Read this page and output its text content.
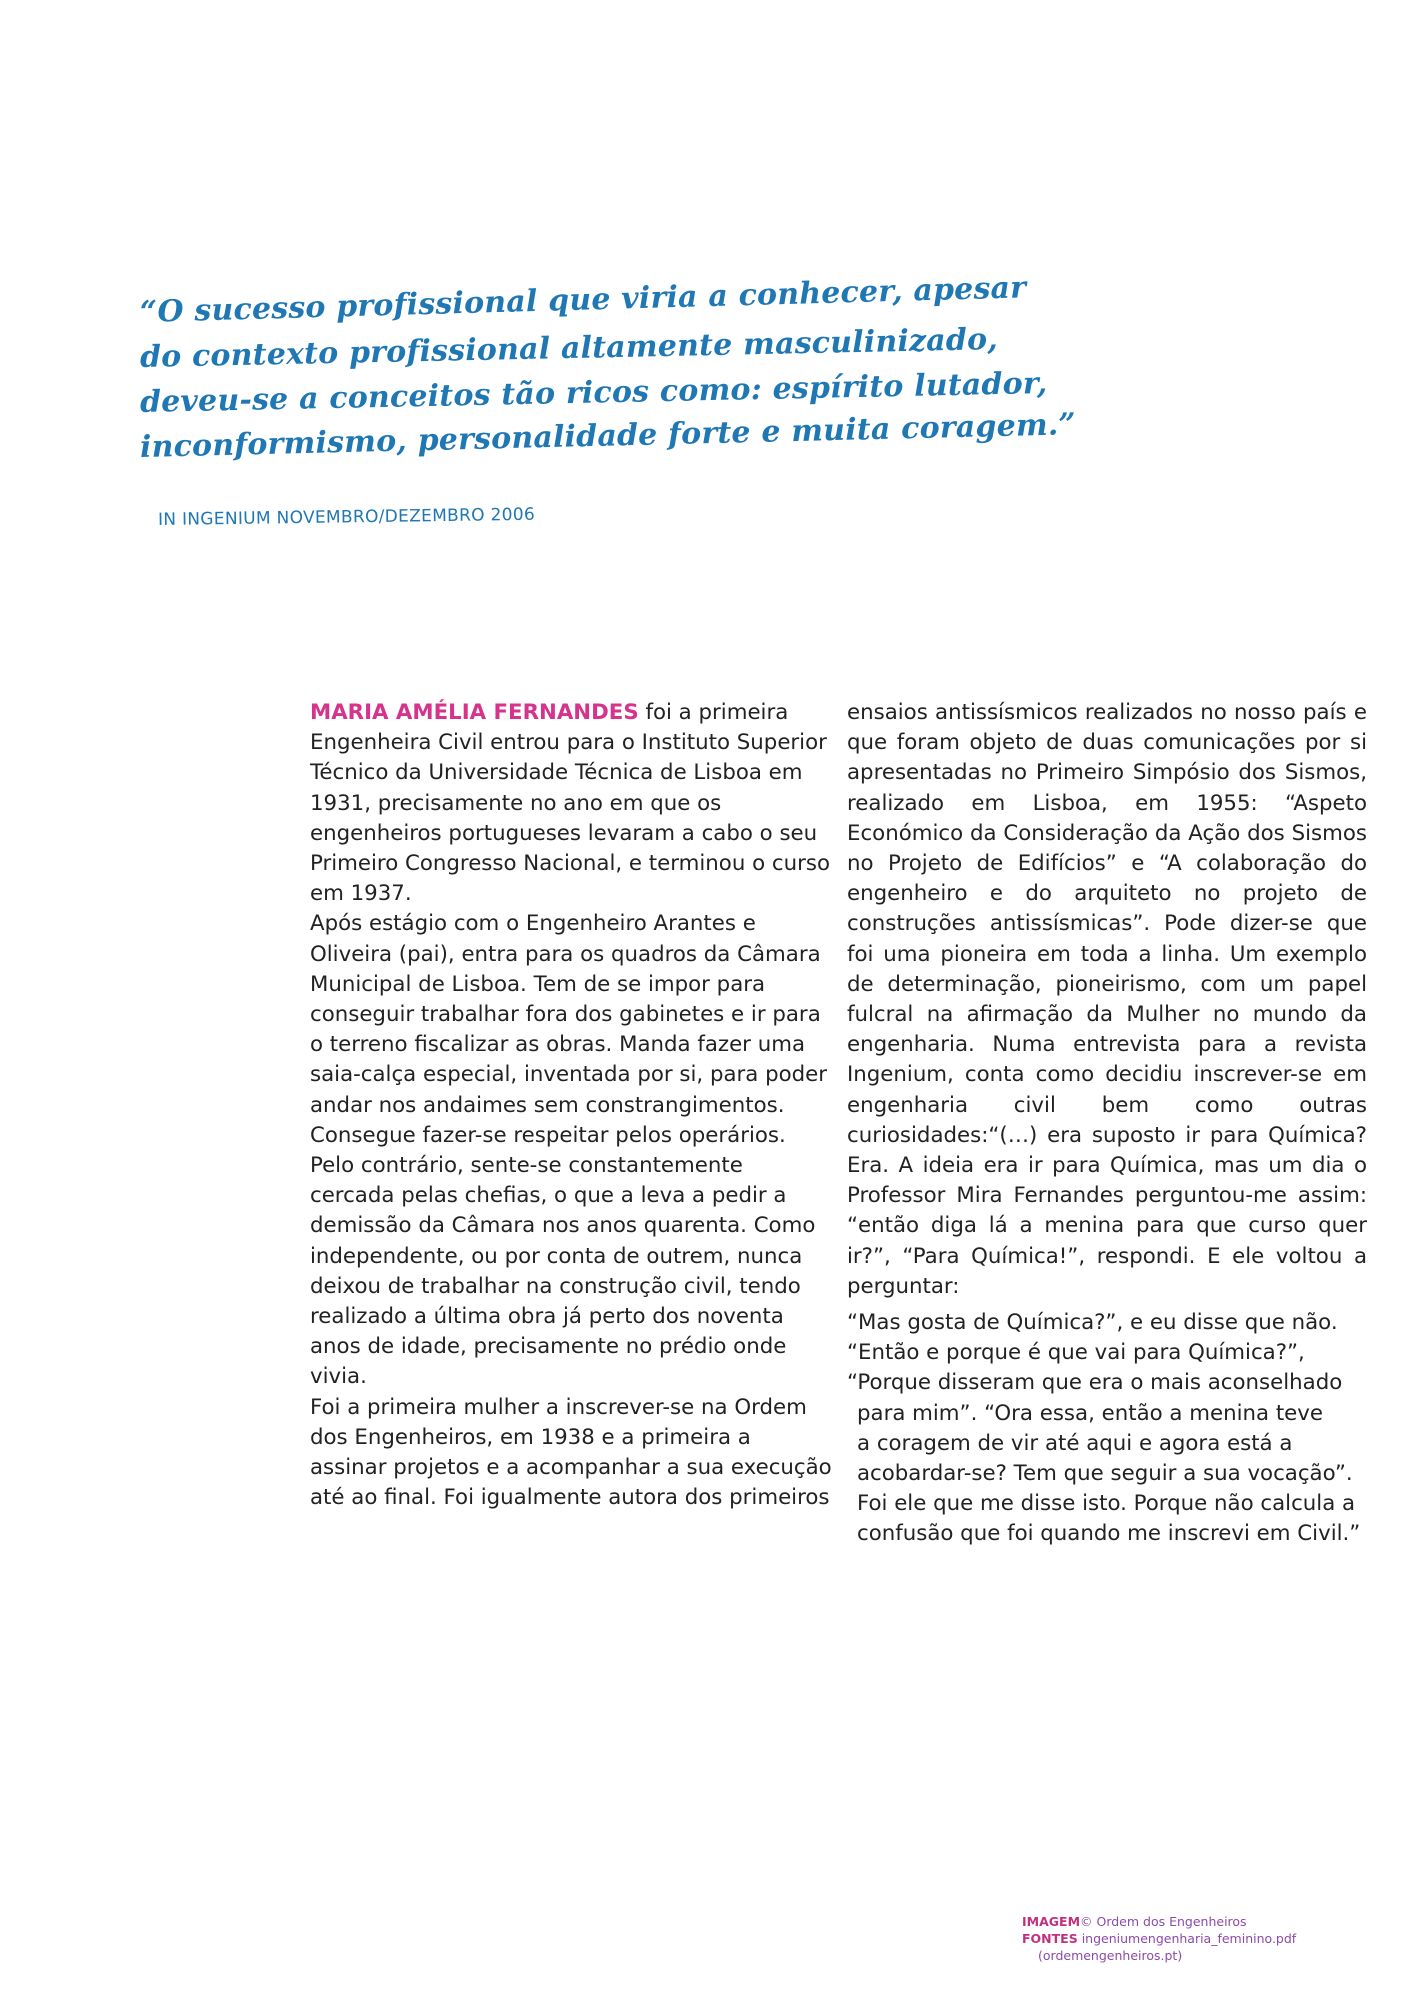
“O sucesso profissional que viria a conhecer, apesar
do contexto profissional altamente masculinizado,
deveu-se a conceitos tão ricos como: espírito lutador,
inconformismo, personalidade forte e muita coragem.”
IN INGENIUM NOVEMBRO/DEZEMBRO 2006

MARIA AMÉLIA FERNANDES foi a primeira Engenheira Civil entrou para o Instituto Superior Técnico da Universidade Técnica de Lisboa em 1931, precisamente no ano em que os engenheiros portugueses levaram a cabo o seu Primeiro Congresso Nacional, e terminou o curso em 1937.

Após estágio com o Engenheiro Arantes e Oliveira (pai), entra para os quadros da Câmara Municipal de Lisboa. Tem de se impor para conseguir trabalhar fora dos gabinetes e ir para o terreno fiscalizar as obras. Manda fazer uma saia-calça especial, inventada por si, para poder andar nos andaimes sem constrangimentos. Consegue fazer-se respeitar pelos operários. Pelo contrário, sente-se constantemente cercada pelas chefias, o que a leva a pedir a demissão da Câmara nos anos quarenta. Como independente, ou por conta de outrem, nunca deixou de trabalhar na construção civil, tendo realizado a última obra já perto dos noventa anos de idade, precisamente no prédio onde vivia.

Foi a primeira mulher a inscrever-se na Ordem dos Engenheiros, em 1938 e a primeira a assinar projetos e a acompanhar a sua execução até ao final. Foi igualmente autora dos primeiros

ensaios antissísmicos realizados no nosso país e que foram objeto de duas comunicações por si apresentadas no Primeiro Simpósio dos Sismos, realizado em Lisboa, em 1955: “Aspeto Económico da Consideração da Ação dos Sismos no Projeto de Edifícios” e “A colaboração do engenheiro e do arquiteto no projeto de construções antissísmicas”. Pode dizer-se que foi uma pioneira em toda a linha. Um exemplo de determinação, pioneirismo, com um papel fulcral na afirmação da Mulher no mundo da engenharia. Numa entrevista para a revista Ingenium, conta como decidiu inscrever-se em engenharia civil bem como outras curiosidades:“(…) era suposto ir para Química? Era. A ideia era ir para Química, mas um dia o Professor Mira Fernandes perguntou-me assim: “então diga lá a menina para que curso quer ir?”, “Para Química!”, respondi. E ele voltou a perguntar:

“Mas gosta de Química?”, e eu disse que não.

“Então e porque é que vai para Química?”,

“Porque disseram que era o mais aconselhado

para mim”. “Ora essa, então a menina teve

a coragem de vir até aqui e agora está a

acobardar-se? Tem que seguir a sua vocação”.

Foi ele que me disse isto. Porque não calcula a

confusão que foi quando me inscrevi em Civil.”

IMAGEM© Ordem dos Engenheiros
FONTES ingeniumengenharia_feminino.pdf
(ordemengenheiros.pt)
